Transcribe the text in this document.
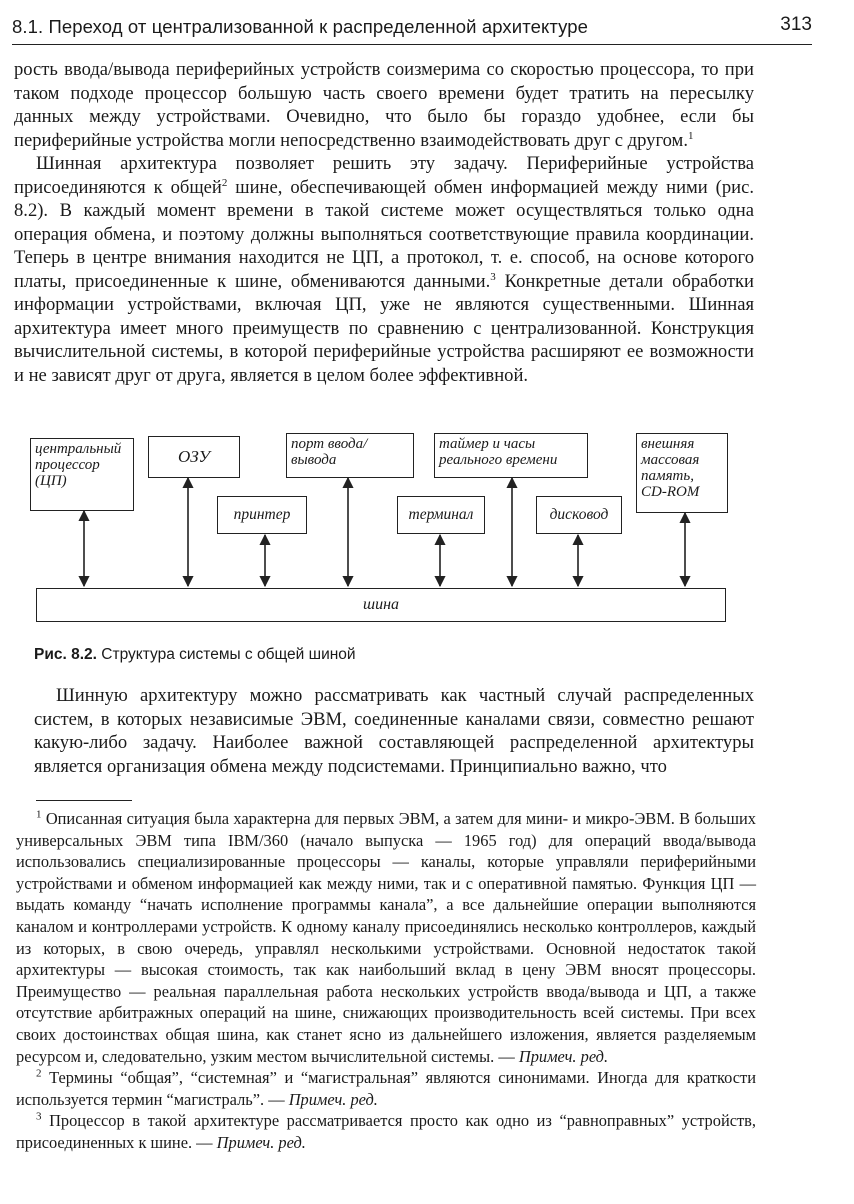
8.1. Переход от централизованной к распределенной архитектуре	313

рость ввода/вывода периферийных устройств соизмерима со скоростью процессора, то при таком подходе процессор большую часть своего времени будет тратить на пересылку данных между устройствами. Очевидно, что было бы гораздо удобнее, если бы периферийные устройства могли непосредственно взаимодействовать друг с другом.$^1$

Шинная архитектура позволяет решить эту задачу. Периферийные устройства присоединяются к общей$^2$ шине, обеспечивающей обмен информацией между ними (рис. 8.2). В каждый момент времени в такой системе может осуществляться только одна операция обмена, и поэтому должны выполняться соответствующие правила координации. Теперь в центре внимания находится не ЦП, а протокол, т. е. способ, на основе которого платы, присоединенные к шине, обмениваются данными.$^3$ Конкретные детали обработки информации устройствами, включая ЦП, уже не являются существенными. Шинная архитектура имеет много преимуществ по сравнению с централизованной. Конструкция вычислительной системы, в которой периферийные устройства расширяют ее возможности и не зависят друг от друга, является в целом более эффективной.

центральный процессор (ЦП)
ОЗУ
порт ввода/вывода
таймер и часы реального времени
внешняя массовая память, CD-ROM
принтер	терминал	дисковод
шина
Рис. 8.2. Структура системы с общей шиной

Шинную архитектуру можно рассматривать как частный случай распределенных систем, в которых независимые ЭВМ, соединенные каналами связи, совместно решают какую-либо задачу. Наиболее важной составляющей распределенной архитектуры является организация обмена между подсистемами. Принципиально важно, что

$^1$ Описанная ситуация была характерна для первых ЭВМ, а затем для мини- и микро-ЭВМ. В больших универсальных ЭВМ типа IBM/360 (начало выпуска — 1965 год) для операций ввода/вывода использовались специализированные процессоры — каналы, которые управляли периферийными устройствами и обменом информацией как между ними, так и с оперативной памятью. Функция ЦП — выдать команду “начать исполнение программы канала”, а все дальнейшие операции выполняются каналом и контроллерами устройств. К одному каналу присоединялись несколько контроллеров, каждый из которых, в свою очередь, управлял несколькими устройствами. Основной недостаток такой архитектуры — высокая стоимость, так как наибольший вклад в цену ЭВМ вносят процессоры. Преимущество — реальная параллельная работа нескольких устройств ввода/вывода и ЦП, а также отсутствие арбитражных операций на шине, снижающих производительность всей системы. При всех своих достоинствах общая шина, как станет ясно из дальнейшего изложения, является разделяемым ресурсом и, следовательно, узким местом вычислительной системы. — Примеч. ред.

$^2$ Термины “общая”, “системная” и “магистральная” являются синонимами. Иногда для краткости используется термин “магистраль”. — Примеч. ред.

$^3$ Процессор в такой архитектуре рассматривается просто как одно из “равноправных” устройств, присоединенных к шине. — Примеч. ред.
